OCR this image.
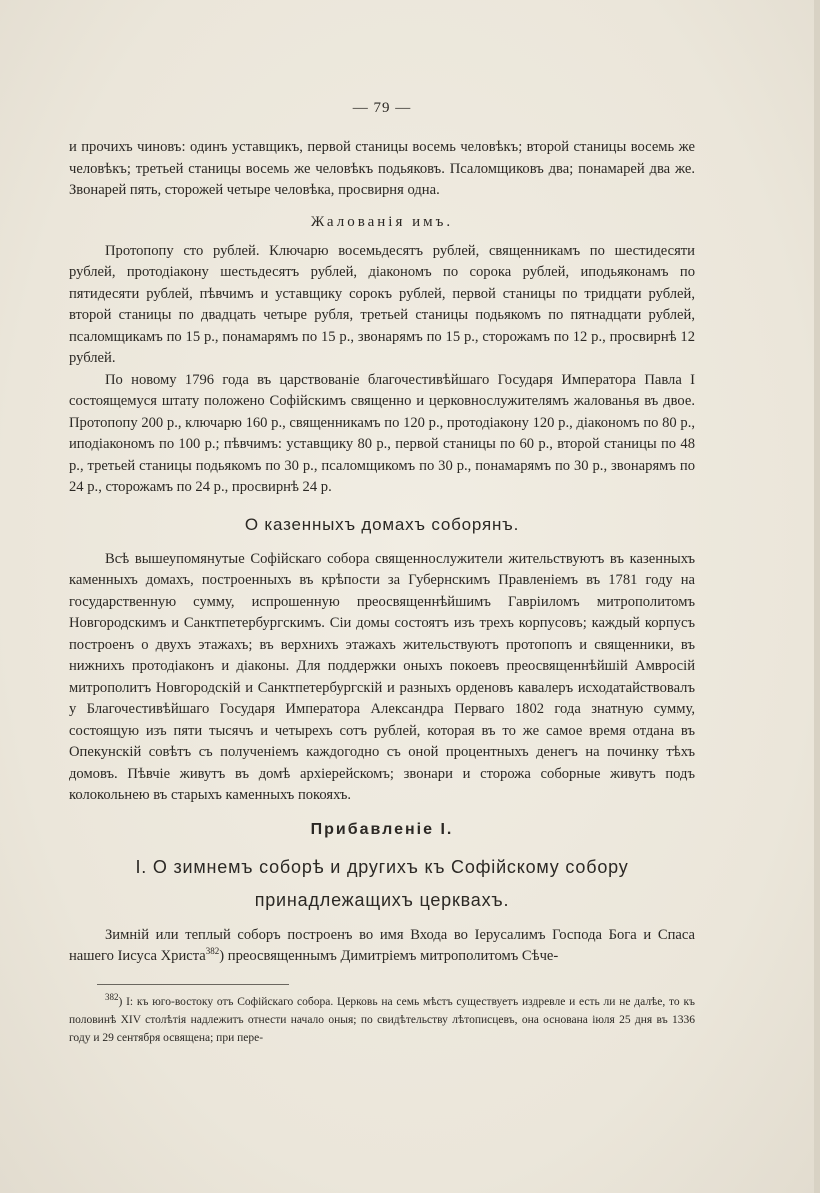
— 79 —

и прочихъ чиновъ: одинъ уставщикъ, первой станицы восемь человѣкъ; второй станицы восемь же человѣкъ; третьей станицы восемь же человѣкъ подьяковъ. Псаломщиковъ два; понамарей два же. Звонарей пять, сторожей четыре человѣка, просвирня одна.

Жалованія имъ.

Протопопу сто рублей. Ключарю восемьдесятъ рублей, священникамъ по шестидесяти рублей, протодіакону шестьдесятъ рублей, діакономъ по сорока рублей, иподьяконамъ по пятидесяти рублей, пѣвчимъ и уставщику сорокъ рублей, первой станицы по тридцати рублей, второй станицы по двадцать четыре рубля, третьей станицы подьякомъ по пятнадцати рублей, псаломщикамъ по 15 р., понамарямъ по 15 р., звонарямъ по 15 р., сторожамъ по 12 р., просвирнѣ 12 рублей.

По новому 1796 года въ царствованіе благочестивѣйшаго Государя Императора Павла I состоящемуся штату положено Софійскимъ священно и церковнослужителямъ жалованья въ двое. Протопопу 200 р., ключарю 160 р., священникамъ по 120 р., протодіакону 120 р., діакономъ по 80 р., иподіакономъ по 100 р.; пѣвчимъ: уставщику 80 р., первой станицы по 60 р., второй станицы по 48 р., третьей станицы подьякомъ по 30 р., псаломщикомъ по 30 р., понамарямъ по 30 р., звонарямъ по 24 р., сторожамъ по 24 р., просвирнѣ 24 р.

О казенныхъ домахъ соборянъ.

Всѣ вышеупомянутые Софійскаго собора священнослужители жительствуютъ въ казенныхъ каменныхъ домахъ, построенныхъ въ крѣпости за Губернскимъ Правленіемъ въ 1781 году на государственную сумму, испрошенную преосвященнѣйшимъ Гавріиломъ митрополитомъ Новгородскимъ и Санктпетербургскимъ. Сіи домы состоятъ изъ трехъ корпусовъ; каждый корпусъ построенъ о двухъ этажахъ; въ верхнихъ этажахъ жительствуютъ протопопъ и священники, въ нижнихъ протодіаконъ и діаконы. Для поддержки оныхъ покоевъ преосвященнѣйшій Амвросій митрополитъ Новгородскій и Санктпетербургскій и разныхъ орденовъ кавалеръ исходатайствовалъ у Благочестивѣйшаго Государя Императора Александра Перваго 1802 года знатную сумму, состоящую изъ пяти тысячъ и четырехъ сотъ рублей, которая въ то же самое время отдана въ Опекунскій совѣтъ съ полученіемъ каждогодно съ оной процентныхъ денегъ на починку тѣхъ домовъ. Пѣвчіе живутъ въ домѣ архіерейскомъ; звонари и сторожа соборные живутъ подъ колокольнею въ старыхъ каменныхъ покояхъ.

Прибавленіе I.
I. О зимнемъ соборѣ и другихъ къ Софійскому собору принадлежащихъ церквахъ.

Зимній или теплый соборъ построенъ во имя Входа во Іерусалимъ Господа Бога и Спаса нашего Іисуса Христа$^{382}$) преосвященнымъ Димитріемъ митрополитомъ Сѣче-

$^{382}$) I: къ юго-востоку отъ Софійскаго собора. Церковь на семь мѣстъ существуетъ издревле и есть ли не далѣе, то къ половинѣ XIV столѣтія надлежитъ отнести начало оныя; по свидѣтельству лѣтописцевъ, она основана іюля 25 дня въ 1336 году и 29 сентября освящена; при пере-
